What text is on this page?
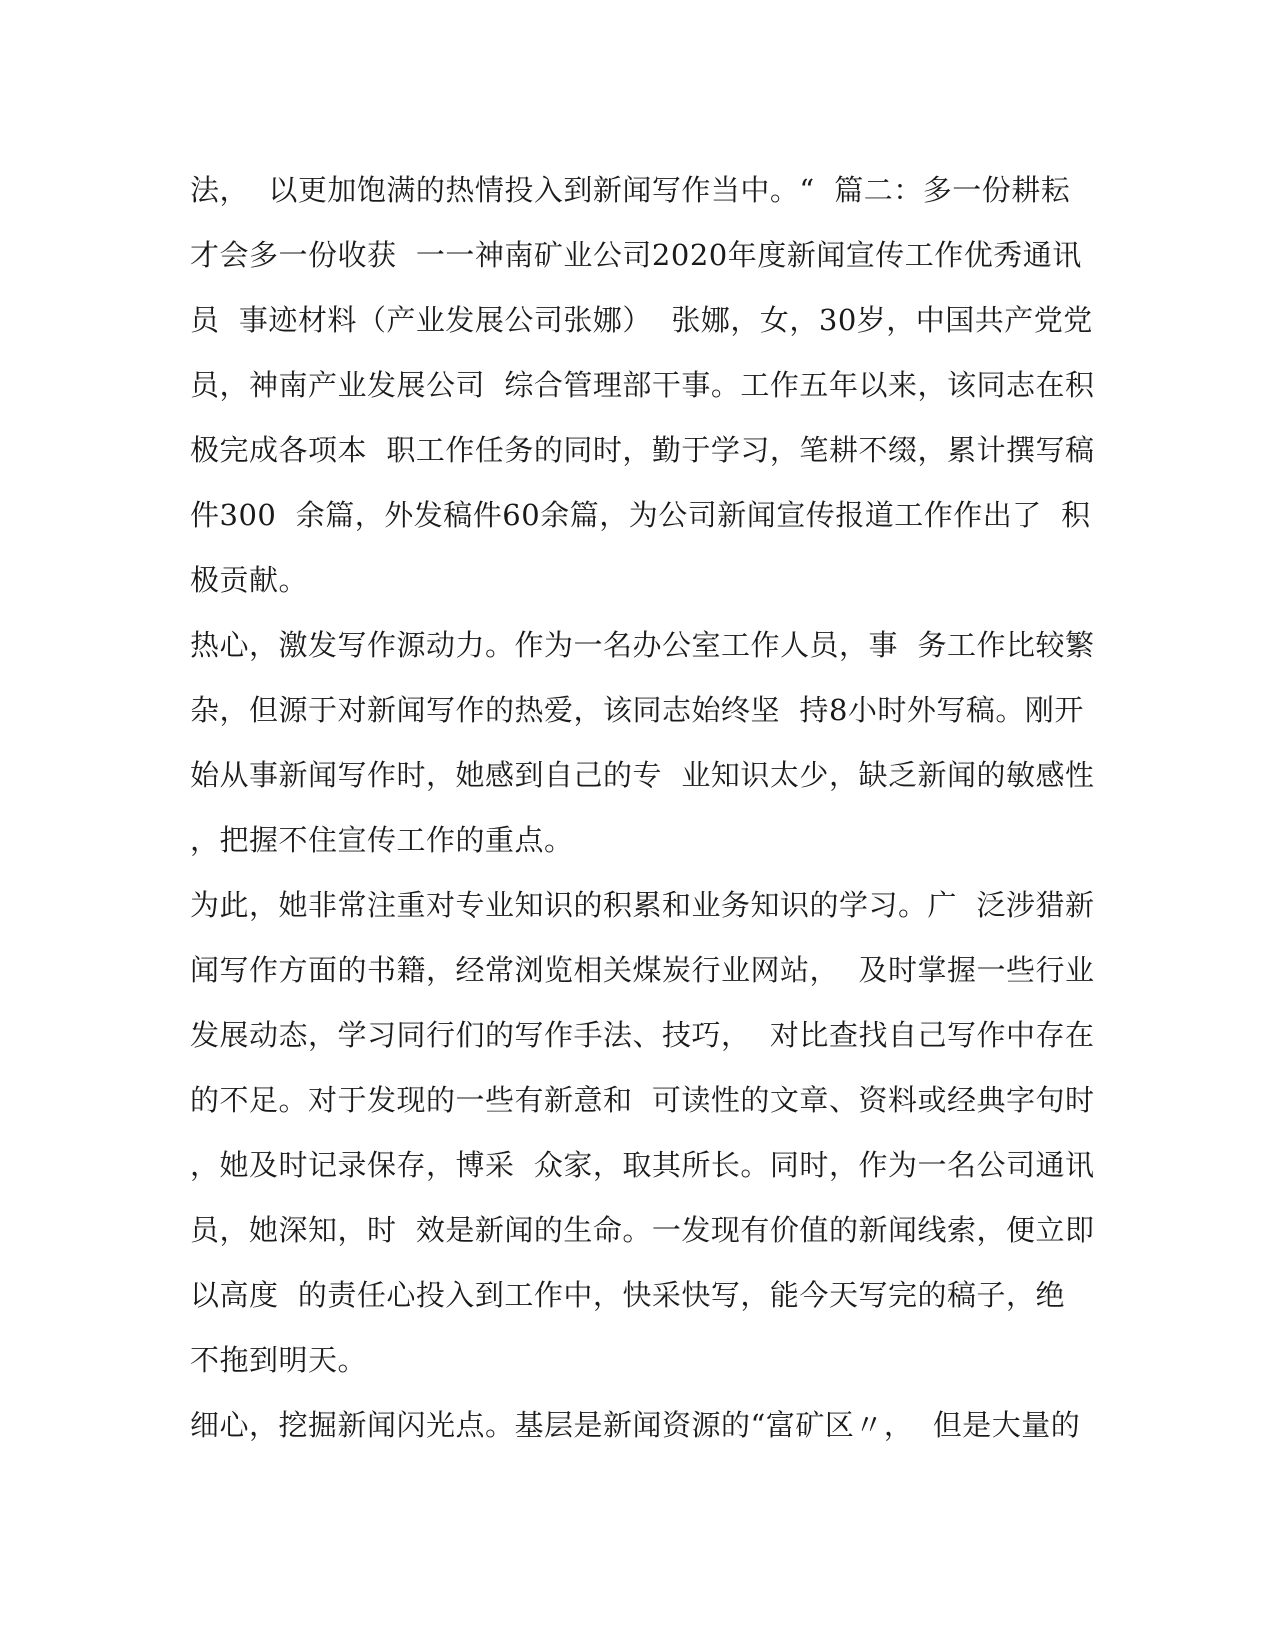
法，  以更加饱满的热情投入到新闻写作当中。“  篇二：多一份耕耘
才会多一份收获  一一神南矿业公司2020年度新闻宣传工作优秀通讯
员  事迹材料（产业发展公司张娜）  张娜，女，30岁，中国共产党党
员，神南产业发展公司  综合管理部干事。工作五年以来，该同志在积
极完成各项本  职工作任务的同时，勤于学习，笔耕不缀，累计撰写稿
件300  余篇，外发稿件60余篇，为公司新闻宣传报道工作作出了  积
极贡献。
热心，激发写作源动力。作为一名办公室工作人员，事  务工作比较繁
杂，但源于对新闻写作的热爱，该同志始终坚  持8小时外写稿。刚开
始从事新闻写作时，她感到自己的专  业知识太少，缺乏新闻的敏感性
，把握不住宣传工作的重点。
为此，她非常注重对专业知识的积累和业务知识的学习。广  泛涉猎新
闻写作方面的书籍，经常浏览相关煤炭行业网站，  及时掌握一些行业
发展动态，学习同行们的写作手法、技巧，  对比查找自己写作中存在
的不足。对于发现的一些有新意和  可读性的文章、资料或经典字句时
，她及时记录保存，博采  众家，取其所长。同时，作为一名公司通讯
员，她深知，时  效是新闻的生命。一发现有价值的新闻线索，便立即
以高度  的责任心投入到工作中，快采快写，能今天写完的稿子，绝
不拖到明天。
细心，挖掘新闻闪光点。基层是新闻资源的“富矿区〃，  但是大量的
